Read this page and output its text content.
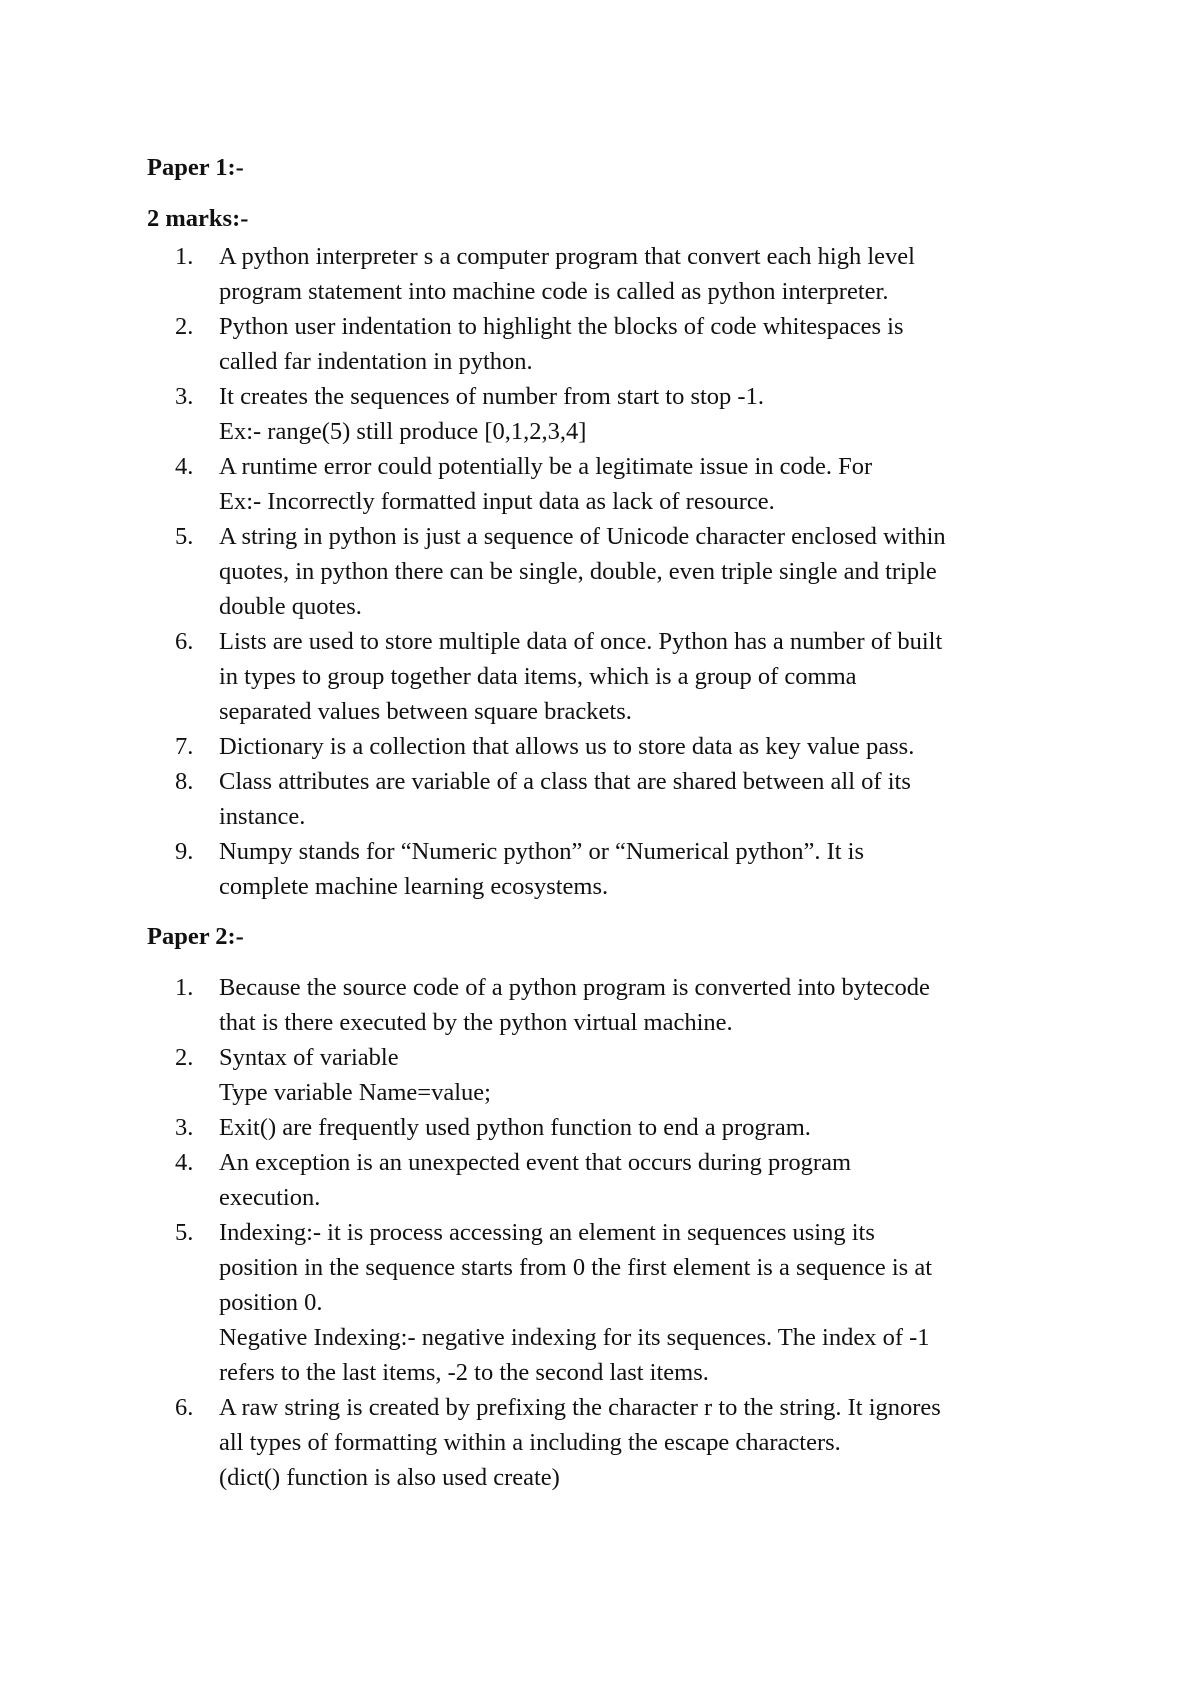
Paper 1:-

2 marks:-

1.	A python interpreter s a computer program that convert each high level
program statement into machine code is called as python interpreter.
2.	Python user indentation to highlight the blocks of code whitespaces is
called far indentation in python.
3.	It creates the sequences of number from start to stop -1.
Ex:- range(5) still produce [0,1,2,3,4]
4.	A runtime error could potentially be a legitimate issue in code. For
Ex:- Incorrectly formatted input data as lack of resource.
5.	A string in python is just a sequence of Unicode character enclosed within
quotes, in python there can be single, double, even triple single and triple
double quotes.
6.	Lists are used to store multiple data of once. Python has a number of built
in types to group together data items, which is a group of comma
separated values between square brackets.
7.	Dictionary is a collection that allows us to store data as key value pass.
8.	Class attributes are variable of a class that are shared between all of its
instance.
9.	Numpy stands for “Numeric python” or “Numerical python”. It is
complete machine learning ecosystems.

Paper 2:-

1.	Because the source code of a python program is converted into bytecode
that is there executed by the python virtual machine.
2.	Syntax of variable
Type variable Name=value;
3.	Exit() are frequently used python function to end a program.
4.	An exception is an unexpected event that occurs during program
execution.
5.	Indexing:- it is process accessing an element in sequences using its
position in the sequence starts from 0 the first element is a sequence is at
position 0.
Negative Indexing:- negative indexing for its sequences. The index of -1
refers to the last items, -2 to the second last items.
6.	A raw string is created by prefixing the character r to the string. It ignores
all types of formatting within a including the escape characters.
(dict() function is also used create)
